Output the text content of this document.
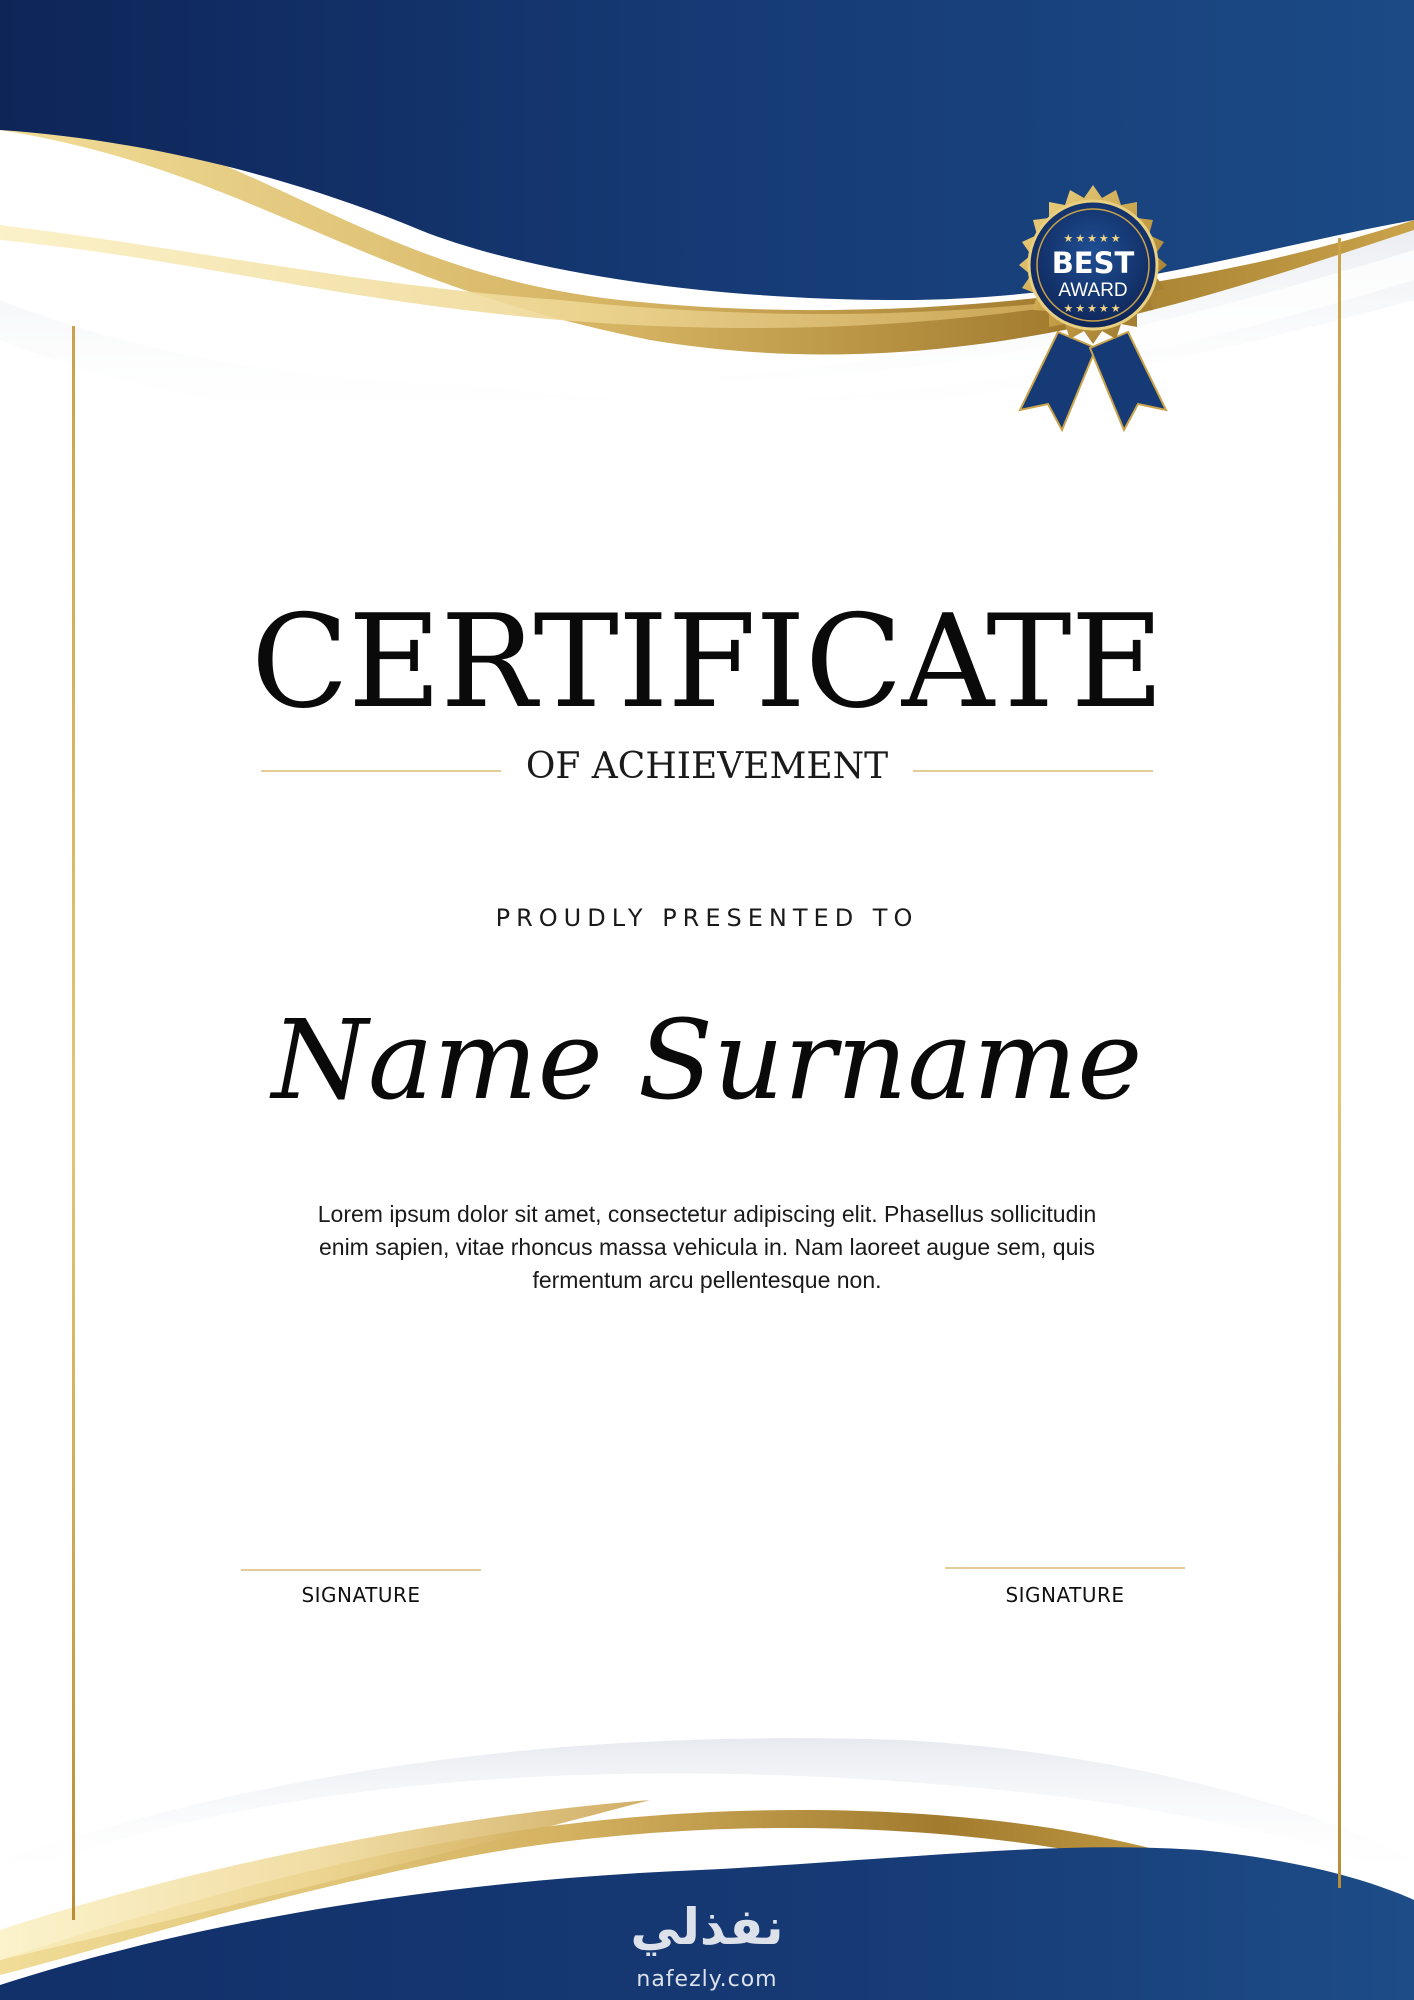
★★★★★
BEST
AWARD
★★★★★
CERTIFICATE
OF ACHIEVEMENT
PROUDLY PRESENTED TO
Name Surname
Lorem ipsum dolor sit amet, consectetur adipiscing elit. Phasellus sollicitudin enim sapien, vitae rhoncus massa vehicula in. Nam laoreet augue sem, quis fermentum arcu pellentesque non.
SIGNATURE	SIGNATURE
نفذلي
nafezly.com
